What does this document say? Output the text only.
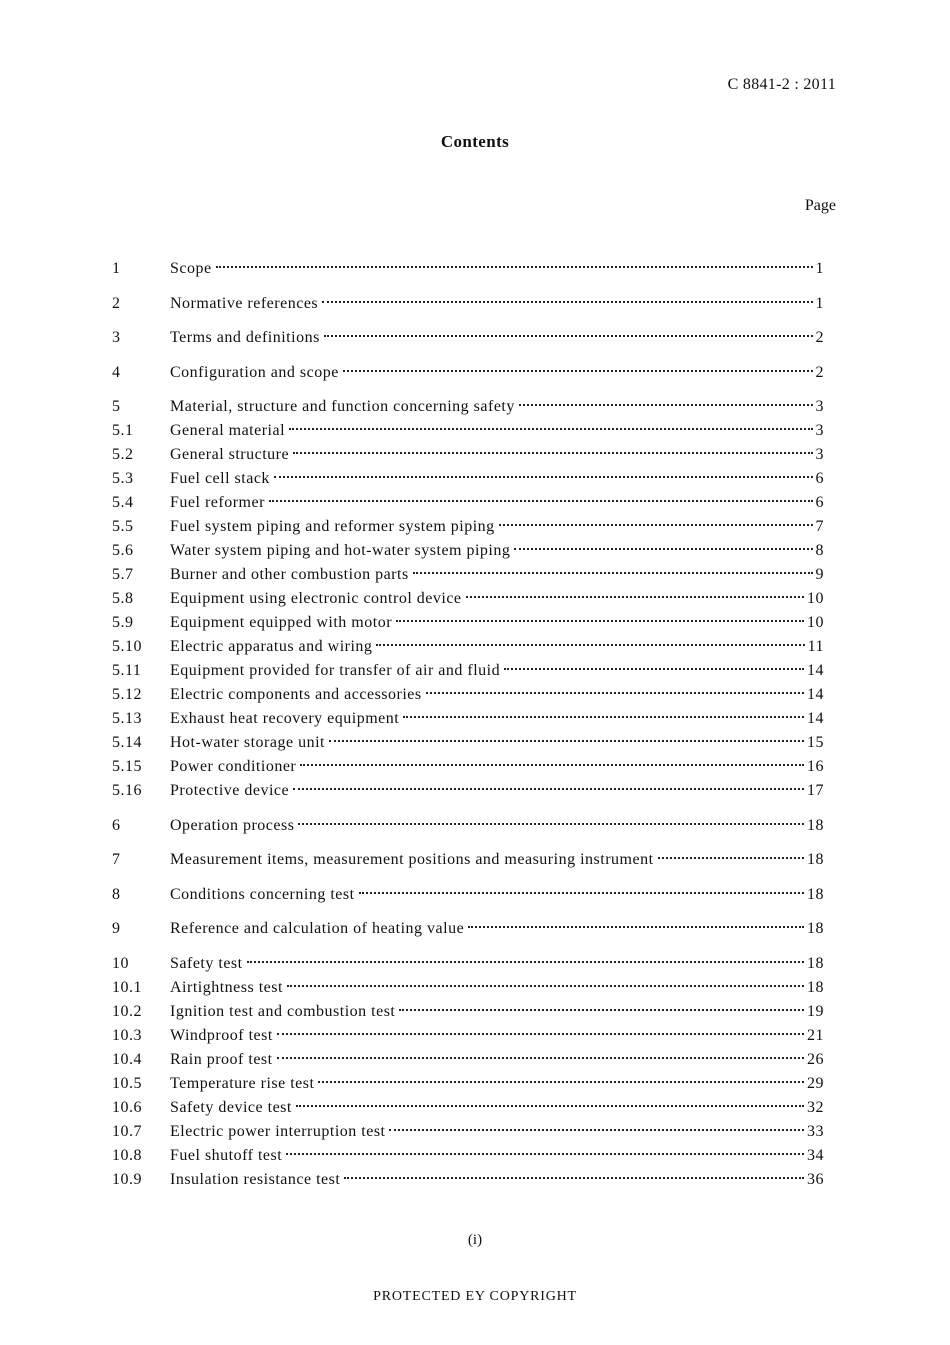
C 8841-2 : 2011
Contents
Page
1	Scope	1
2	Normative references	1
3	Terms and definitions	2
4	Configuration and scope	2
5	Material, structure and function concerning safety	3
5.1	General material	3
5.2	General structure	3
5.3	Fuel cell stack	6
5.4	Fuel reformer	6
5.5	Fuel system piping and reformer system piping	7
5.6	Water system piping and hot-water system piping	8
5.7	Burner and other combustion parts	9
5.8	Equipment using electronic control device	10
5.9	Equipment equipped with motor	10
5.10	Electric apparatus and wiring	11
5.11	Equipment provided for transfer of air and fluid	14
5.12	Electric components and accessories	14
5.13	Exhaust heat recovery equipment	14
5.14	Hot-water storage unit	15
5.15	Power conditioner	16
5.16	Protective device	17
6	Operation process	18
7	Measurement items, measurement positions and measuring instrument	18
8	Conditions concerning test	18
9	Reference and calculation of heating value	18
10	Safety test	18
10.1	Airtightness test	18
10.2	Ignition test and combustion test	19
10.3	Windproof test	21
10.4	Rain proof test	26
10.5	Temperature rise test	29
10.6	Safety device test	32
10.7	Electric power interruption test	33
10.8	Fuel shutoff test	34
10.9	Insulation resistance test	36
(i)
PROTECTED EY COPYRIGHT
